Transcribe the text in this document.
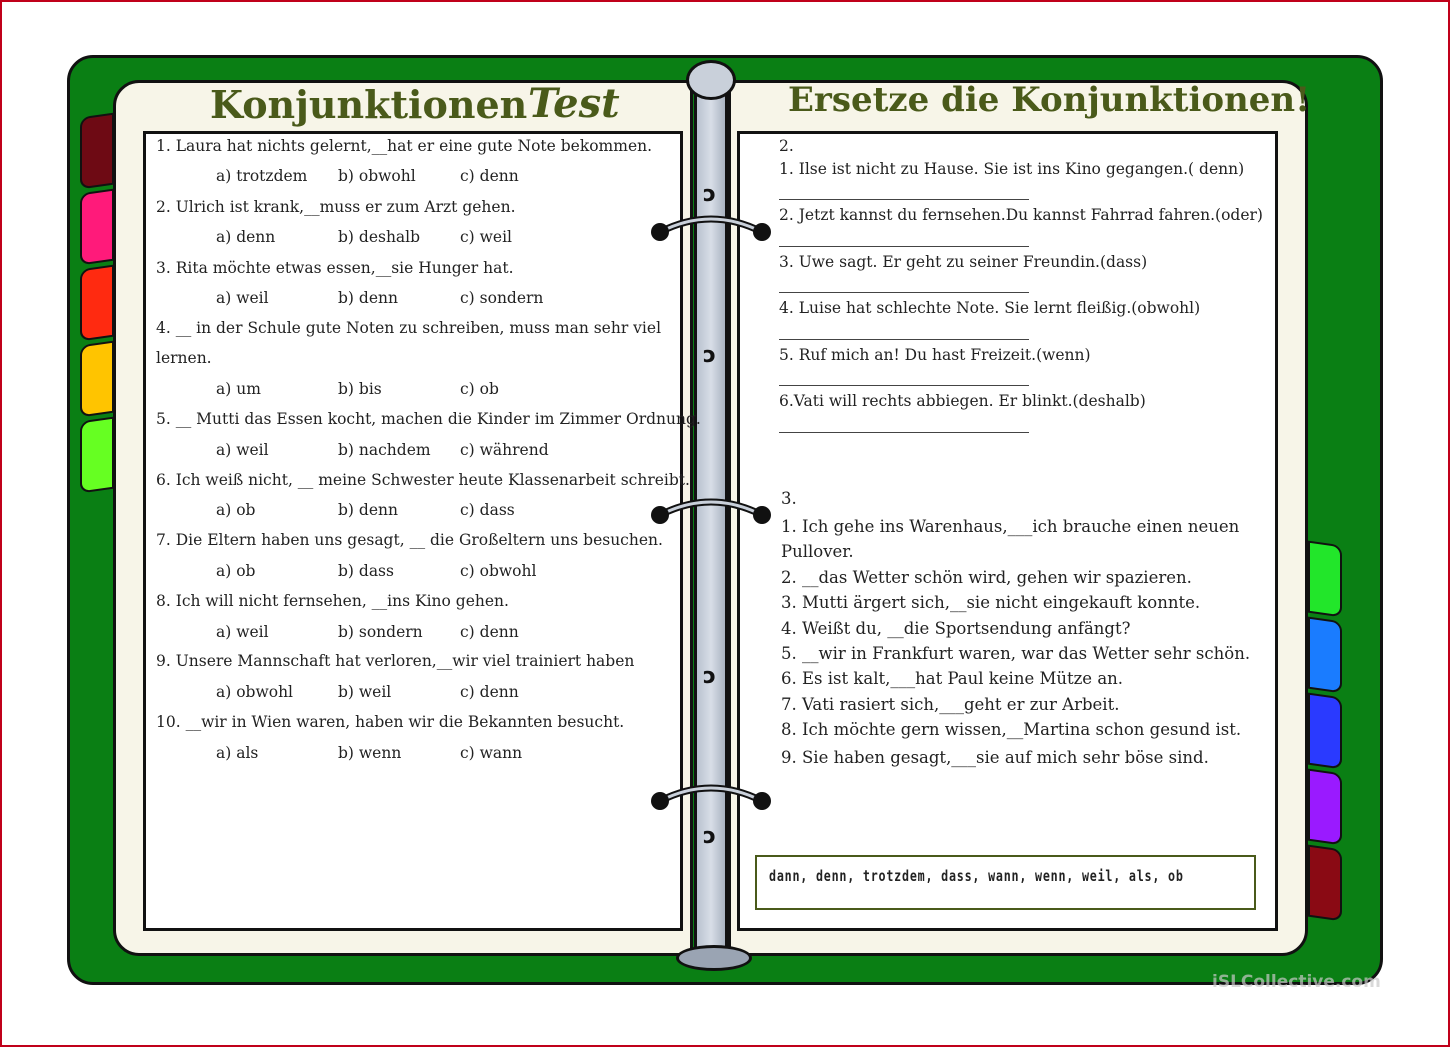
ɔ
ɔ
ɔ
ɔ
Konjunktionen Test	Ersetze die Konjunktionen!
1. Laura hat nichts gelernt,__hat er eine gute Note bekommen.
a) trotzdem b) obwohl	c) denn
2. Ulrich ist krank,__muss er zum Arzt gehen.
a) denn	b) deshalb	c) weil
3. Rita möchte etwas essen,__sie Hunger hat.
a) weil	b) denn	c) sondern
4. __ in der Schule gute Noten zu schreiben, muss man sehr viel
lernen.
a) um	b) bis	c) ob
5. __ Mutti das Essen kocht, machen die Kinder im Zimmer Ordnung.
a) weil	b) nachdem c) während
6. Ich weiß nicht, __ meine Schwester heute Klassenarbeit schreibt.
a) ob	b) denn	c) dass
7. Die Eltern haben uns gesagt, __ die Großeltern uns besuchen.
a) ob	b) dass	c) obwohl
8. Ich will nicht fernsehen, __ins Kino gehen.
a) weil	b) sondern c) denn
9. Unsere Mannschaft hat verloren,__wir viel trainiert haben
a) obwohl	b) weil	c) denn
10. __wir in Wien waren, haben wir die Bekannten besucht.
a) als	b) wenn	c) wann
2.
1. Ilse ist nicht zu Hause. Sie ist ins Kino gegangen.( denn)
2. Jetzt kannst du fernsehen.Du kannst Fahrrad fahren.(oder)
3. Uwe sagt. Er geht zu seiner Freundin.(dass)
4. Luise hat schlechte Note. Sie lernt fleißig.(obwohl)
5. Ruf mich an! Du hast Freizeit.(wenn)
6.Vati will rechts abbiegen. Er blinkt.(deshalb)
3.
1. Ich gehe ins Warenhaus,___ich brauche einen neuen
Pullover.
2. __das Wetter schön wird, gehen wir spazieren.
3. Mutti ärgert sich,__sie nicht eingekauft konnte.
4. Weißt du, __die Sportsendung anfängt?
5. __wir in Frankfurt waren, war das Wetter sehr schön.
6. Es ist kalt,___hat Paul keine Mütze an.
7. Vati rasiert sich,___geht er zur Arbeit.
8. Ich möchte gern wissen,__Martina schon gesund ist.
9. Sie haben gesagt,___sie auf mich sehr böse sind.
dann, denn, trotzdem, dass, wann, wenn, weil, als, ob
iSLCollective.com
